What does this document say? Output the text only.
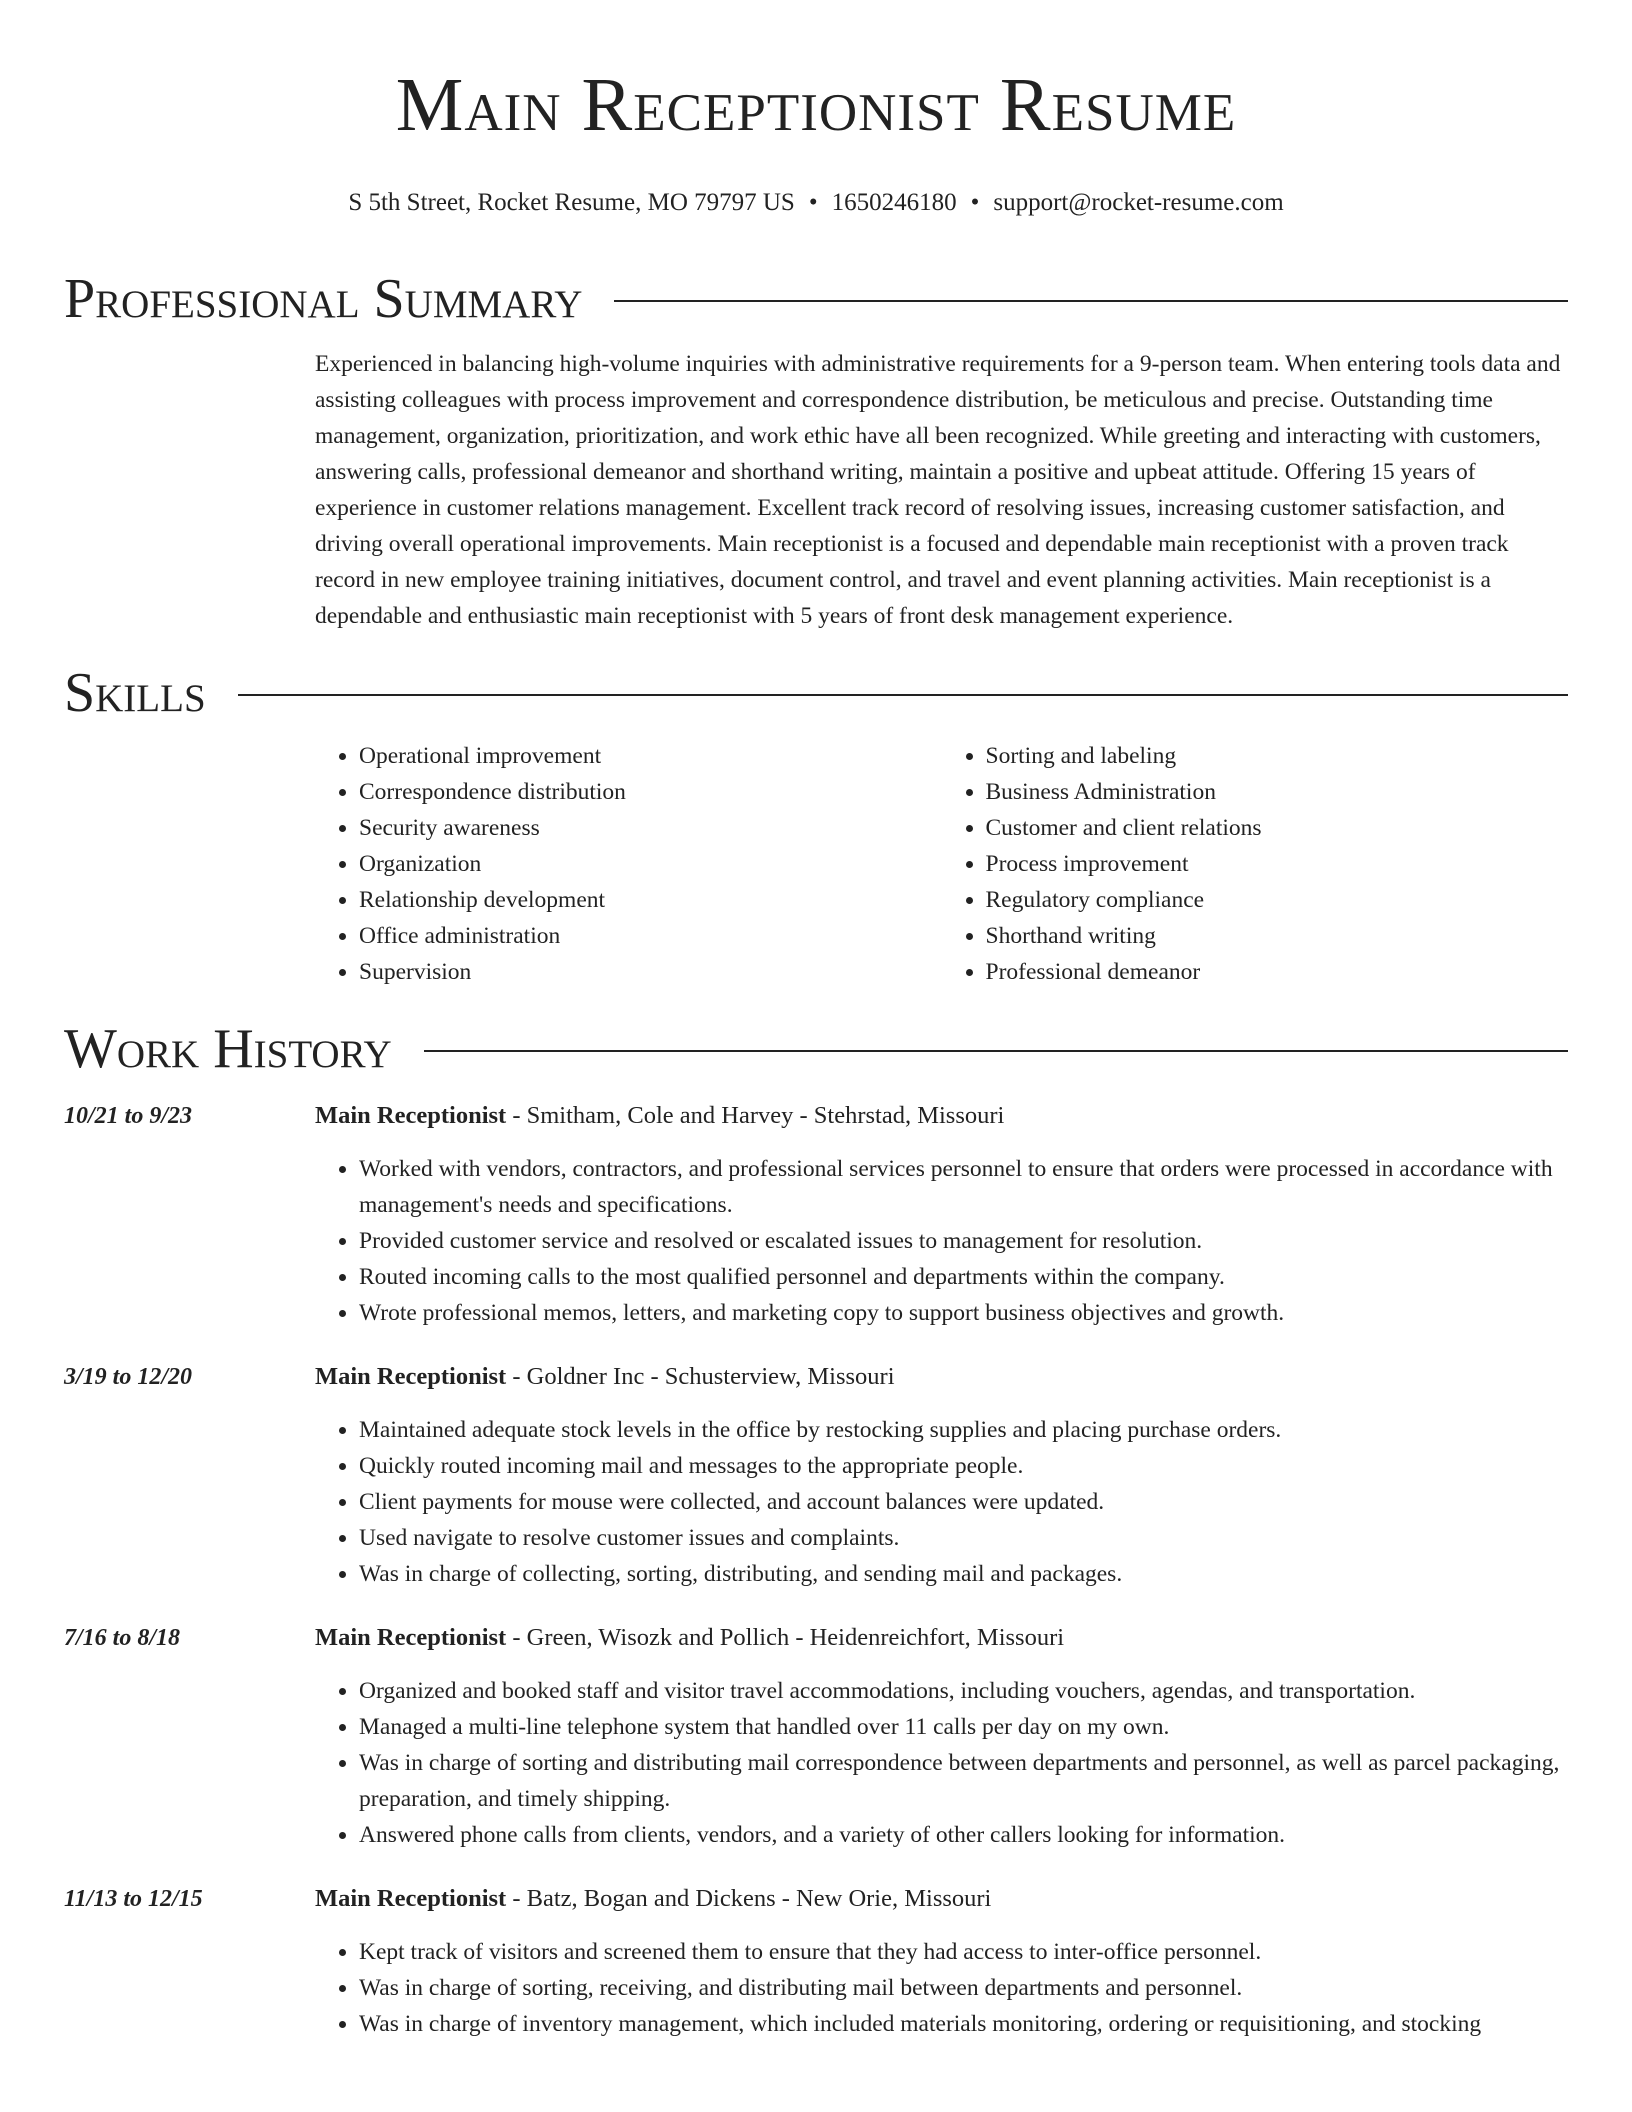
Main Receptionist Resume
S 5th Street, Rocket Resume, MO 79797 US • 1650246180 • support@rocket-resume.com
Professional Summary

Experienced in balancing high-volume inquiries with administrative requirements for a 9-person team. When entering tools data and assisting colleagues with process improvement and correspondence distribution, be meticulous and precise. Outstanding time management, organization, prioritization, and work ethic have all been recognized. While greeting and interacting with customers, answering calls, professional demeanor and shorthand writing, maintain a positive and upbeat attitude. Offering 15 years of experience in customer relations management. Excellent track record of resolving issues, increasing customer satisfaction, and driving overall operational improvements. Main receptionist is a focused and dependable main receptionist with a proven track record in new employee training initiatives, document control, and travel and event planning activities. Main receptionist is a dependable and enthusiastic main receptionist with 5 years of front desk management experience.

Skills
• Operational improvement
• Correspondence distribution
• Security awareness
• Organization
• Relationship development
• Office administration
• Supervision
• Sorting and labeling
• Business Administration
• Customer and client relations
• Process improvement
• Regulatory compliance
• Shorthand writing
• Professional demeanor
Work History
10/21 to 9/23	Main Receptionist - Smitham, Cole and Harvey - Stehrstad, Missouri
• Worked with vendors, contractors, and professional services personnel to ensure that orders were processed in accordance with management's needs and specifications.
• Provided customer service and resolved or escalated issues to management for resolution.
• Routed incoming calls to the most qualified personnel and departments within the company.
• Wrote professional memos, letters, and marketing copy to support business objectives and growth.
3/19 to 12/20	Main Receptionist - Goldner Inc - Schusterview, Missouri
• Maintained adequate stock levels in the office by restocking supplies and placing purchase orders.
• Quickly routed incoming mail and messages to the appropriate people.
• Client payments for mouse were collected, and account balances were updated.
• Used navigate to resolve customer issues and complaints.
• Was in charge of collecting, sorting, distributing, and sending mail and packages.
7/16 to 8/18	Main Receptionist - Green, Wisozk and Pollich - Heidenreichfort, Missouri
• Organized and booked staff and visitor travel accommodations, including vouchers, agendas, and transportation.
• Managed a multi-line telephone system that handled over 11 calls per day on my own.
• Was in charge of sorting and distributing mail correspondence between departments and personnel, as well as parcel packaging, preparation, and timely shipping.
• Answered phone calls from clients, vendors, and a variety of other callers looking for information.
11/13 to 12/15	Main Receptionist - Batz, Bogan and Dickens - New Orie, Missouri
• Kept track of visitors and screened them to ensure that they had access to inter-office personnel.
• Was in charge of sorting, receiving, and distributing mail between departments and personnel.
• Was in charge of inventory management, which included materials monitoring, ordering or requisitioning, and stocking
